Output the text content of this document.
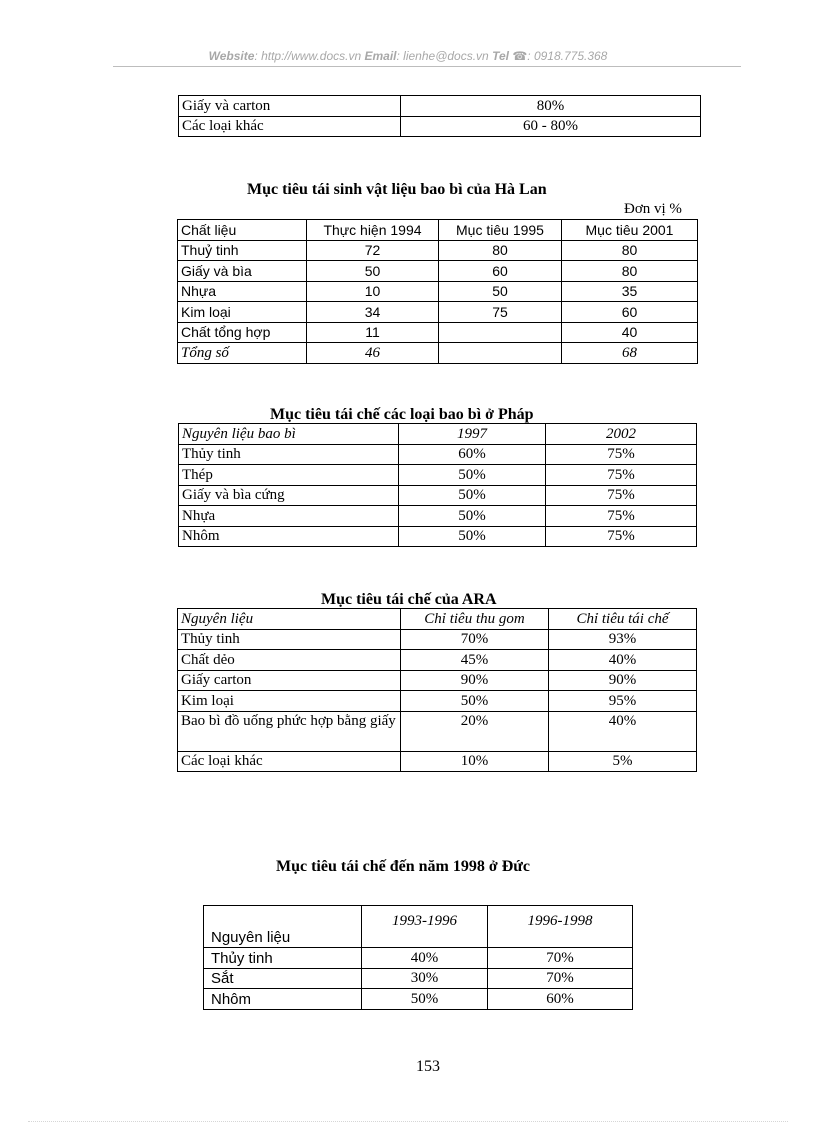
Website: http://www.docs.vn Email: lienhe@docs.vn Tel ☎: 0918.775.368
Giấy và carton	80%
Các loại khác	60 - 80%
Mục tiêu tái sinh vật liệu bao bì của Hà Lan
Đơn vị %
Chất liệu	Thực hiện 1994	Mục tiêu 1995	Mục tiêu 2001
Thuỷ tinh	72	80	80
Giấy và bìa	50	60	80
Nhựa	10	50	35
Kim loại	34	75	60
Chất tổng hợp	11		40
Tổng số	46		68
Mục tiêu tái chế các loại bao bì ở Pháp
Nguyên liệu bao bì	1997	2002
Thủy tinh	60%	75%
Thép	50%	75%
Giấy và bìa cứng	50%	75%
Nhựa	50%	75%
Nhôm	50%	75%
Mục tiêu tái chế của ARA
Nguyên liệu	Chỉ tiêu thu gom	Chỉ tiêu tái chế
Thủy tinh	70%	93%
Chất dẻo	45%	40%
Giấy carton	90%	90%
Kim loại	50%	95%
Bao bì đồ uống phức hợp bằng giấy	20%	40%
Các loại khác	10%	5%
Mục tiêu tái chế đến năm 1998 ở Đức
Nguyên liệu	1993-1996	1996-1998
Thủy tinh	40%	70%
Sắt	30%	70%
Nhôm	50%	60%
153
